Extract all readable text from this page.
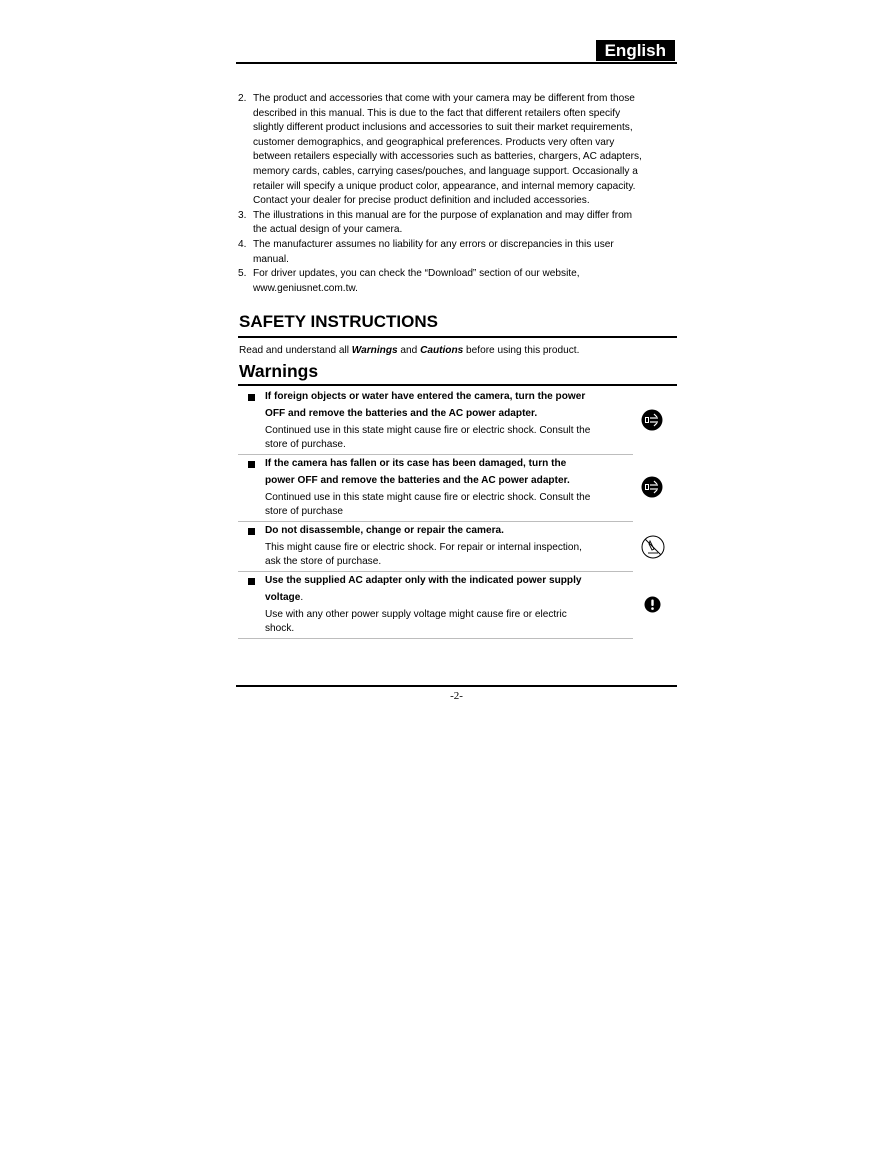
English
2. The product and accessories that come with your camera may be different from those
described in this manual. This is due to the fact that different retailers often specify
slightly different product inclusions and accessories to suit their market requirements,
customer demographics, and geographical preferences. Products very often vary
between retailers especially with accessories such as batteries, chargers, AC adapters,
memory cards, cables, carrying cases/pouches, and language support. Occasionally a
retailer will specify a unique product color, appearance, and internal memory capacity.
Contact your dealer for precise product definition and included accessories.
3. The illustrations in this manual are for the purpose of explanation and may differ from
the actual design of your camera.
4. The manufacturer assumes no liability for any errors or discrepancies in this user
manual.
5. For driver updates, you can check the “Download” section of our website,
www.geniusnet.com.tw.
SAFETY INSTRUCTIONS
Read and understand all Warnings and Cautions before using this product.
Warnings
If foreign objects or water have entered the camera, turn the power
OFF and remove the batteries and the AC power adapter.
Continued use in this state might cause fire or electric shock. Consult the
store of purchase.
If the camera has fallen or its case has been damaged, turn the
power OFF and remove the batteries and the AC power adapter.
Continued use in this state might cause fire or electric shock. Consult the
store of purchase
Do not disassemble, change or repair the camera.
This might cause fire or electric shock. For repair or internal inspection,
ask the store of purchase.
Use the supplied AC adapter only with the indicated power supply
voltage.
Use with any other power supply voltage might cause fire or electric
shock.
-2-
